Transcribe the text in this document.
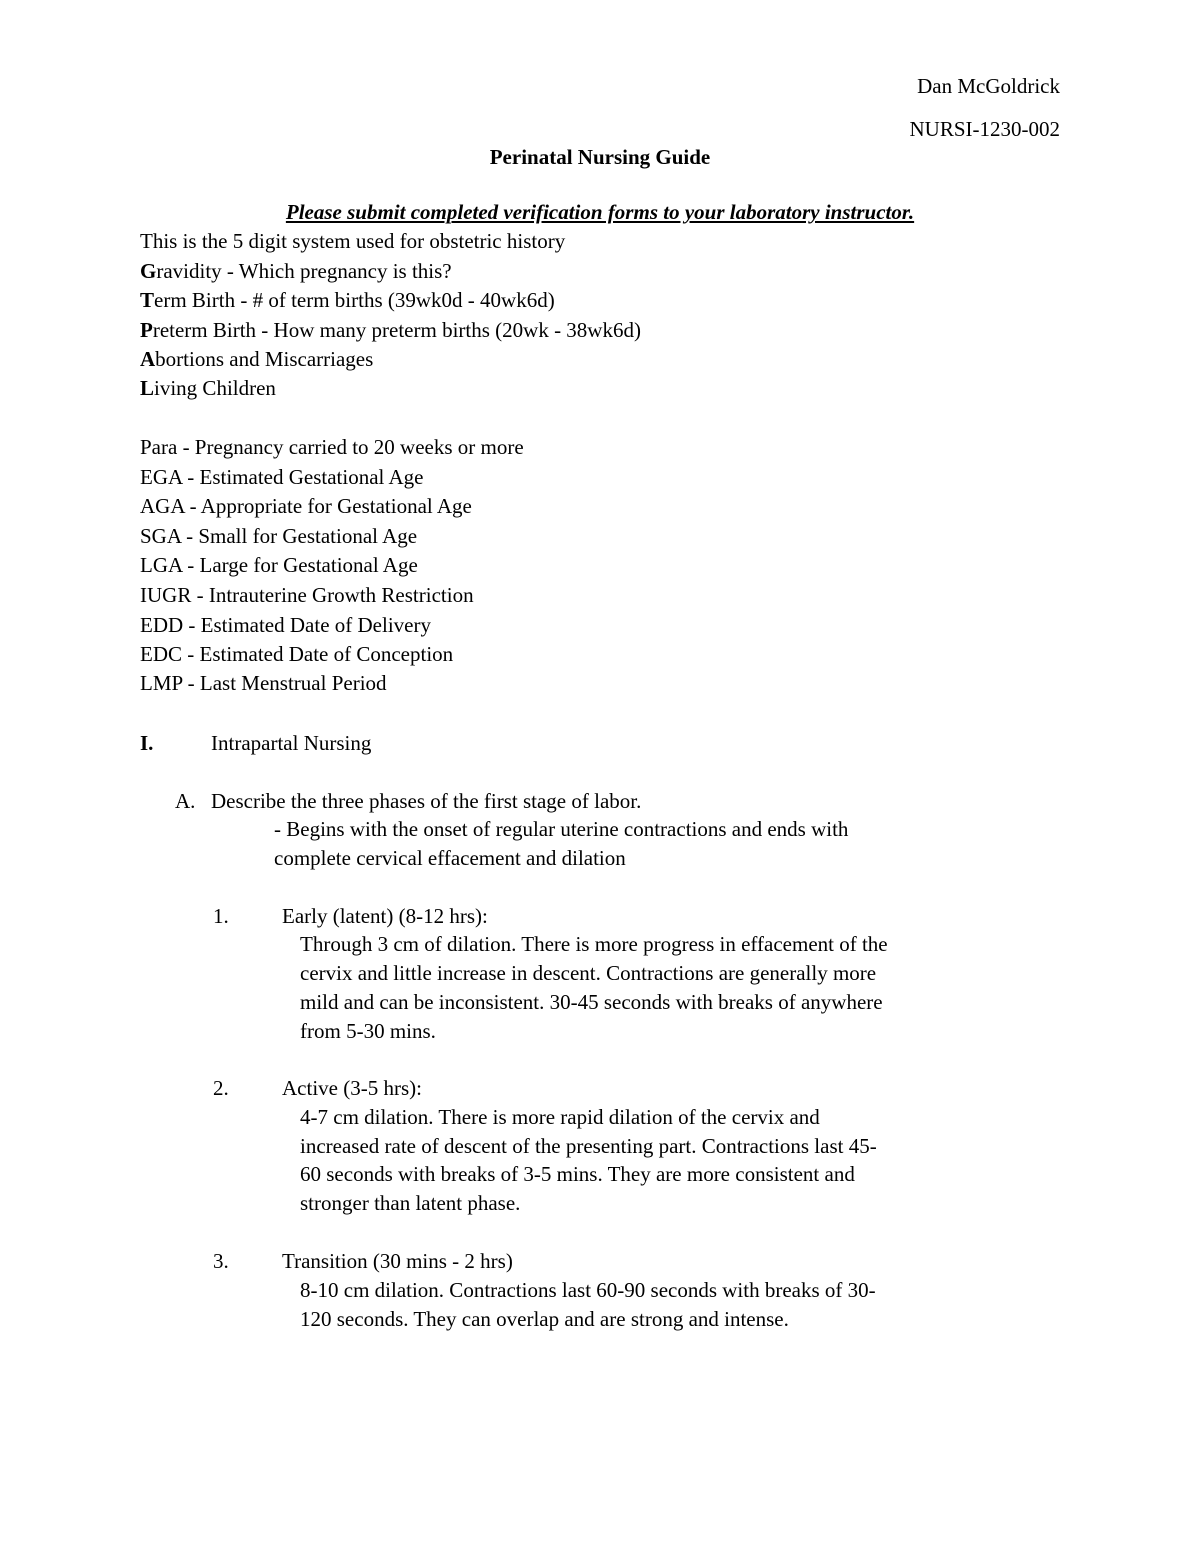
Dan McGoldrick
NURSI-1230-002
Perinatal Nursing Guide
Please submit completed verification forms to your laboratory instructor.
This is the 5 digit system used for obstetric history
Gravidity - Which pregnancy is this?
Term Birth - # of term births (39wk0d - 40wk6d)
Preterm Birth - How many preterm births (20wk - 38wk6d)
Abortions and Miscarriages
Living Children
Para - Pregnancy carried to 20 weeks or more
EGA - Estimated Gestational Age
AGA - Appropriate for Gestational Age
SGA - Small for Gestational Age
LGA - Large for Gestational Age
IUGR - Intrauterine Growth Restriction
EDD - Estimated Date of Delivery
EDC - Estimated Date of Conception
LMP - Last Menstrual Period
I.	Intrapartal Nursing
A. Describe the three phases of the first stage of labor.
- Begins with the onset of regular uterine contractions and ends with
complete cervical effacement and dilation
1.	Early (latent) (8-12 hrs):
Through 3 cm of dilation. There is more progress in effacement of the
cervix and little increase in descent. Contractions are generally more
mild and can be inconsistent. 30-45 seconds with breaks of anywhere
from 5-30 mins.
2.	Active (3-5 hrs):
4-7 cm dilation. There is more rapid dilation of the cervix and
increased rate of descent of the presenting part. Contractions last 45-
60 seconds with breaks of 3-5 mins. They are more consistent and
stronger than latent phase.
3.	Transition (30 mins - 2 hrs)
8-10 cm dilation. Contractions last 60-90 seconds with breaks of 30-
120 seconds. They can overlap and are strong and intense.
